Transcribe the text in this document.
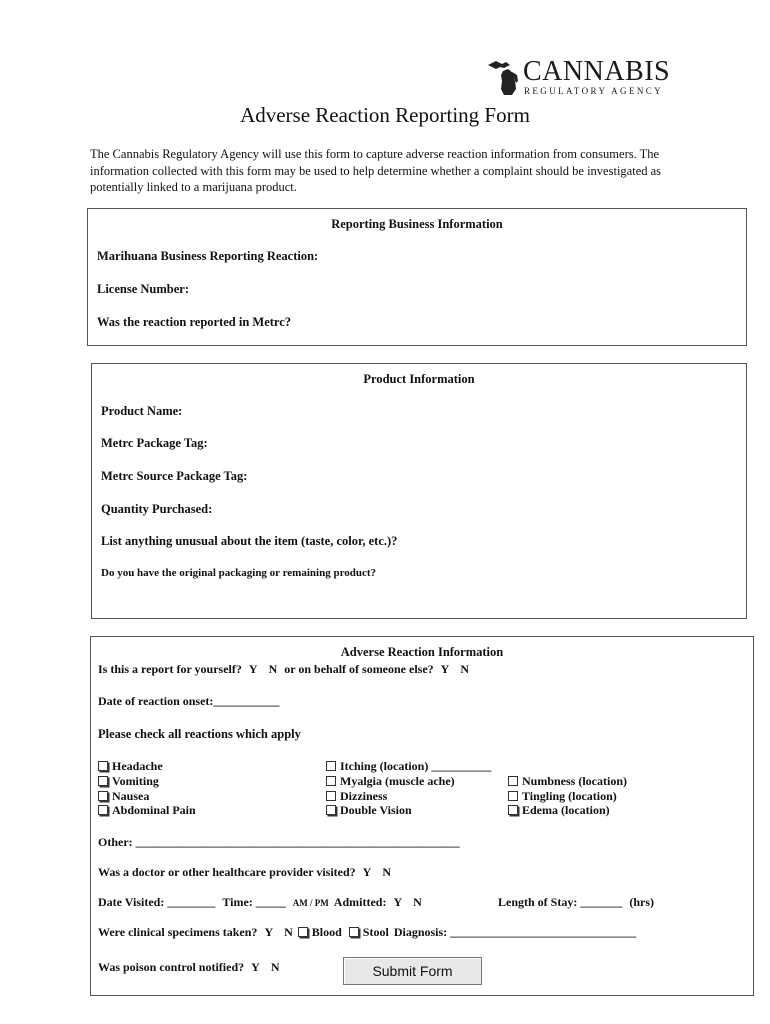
CANNABIS
REGULATORY AGENCY
Adverse Reaction Reporting Form
The Cannabis Regulatory Agency will use this form to capture adverse reaction information from consumers. The information collected with this form may be used to help determine whether a complaint should be investigated as potentially linked to a marijuana product.
Reporting Business Information
Marihuana Business Reporting Reaction:
License Number:
Was the reaction reported in Metrc?
Product Information
Product Name:
Metrc Package Tag:
Metrc Source Package Tag:
Quantity Purchased:
List anything unusual about the item (taste, color, etc.)?
Do you have the original packaging or remaining product?
Adverse Reaction Information
Is this a report for yourself? Y N or on behalf of someone else? Y N
Date of reaction onset:___________
Please check all reactions which apply
Headache
Vomiting
Nausea
Abdominal Pain
Itching (location) __________
Myalgia (muscle ache)
Dizziness
Double Vision
Numbness (location)
Tingling (location)
Edema (location)
Other: ______________________________________________________
Was a doctor or other healthcare provider visited? Y N
Date Visited: ________ Time: _____ AM / PM Admitted: Y N	Length of Stay: _______ (hrs)
Were clinical specimens taken? Y N Blood Stool Diagnosis: _______________________________
Was poison control notified? Y N	Submit Form
